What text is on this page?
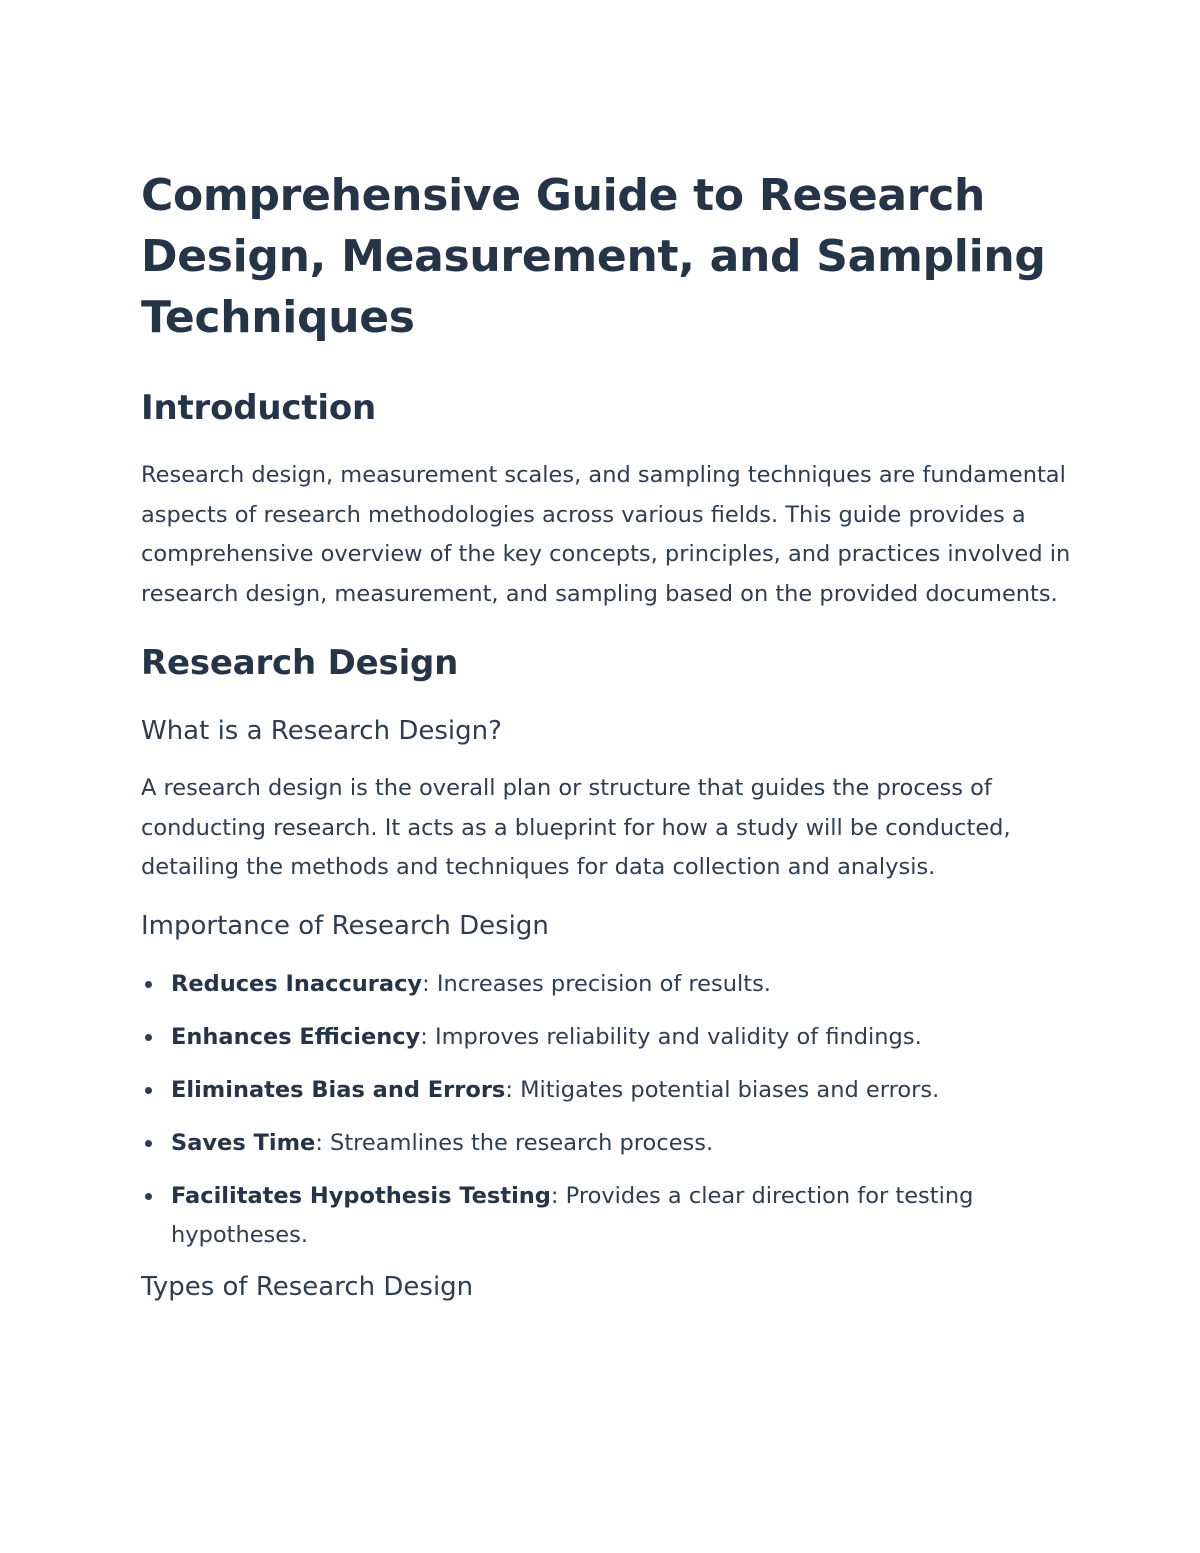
Comprehensive Guide to Research Design, Measurement, and Sampling Techniques
Introduction

Research design, measurement scales, and sampling techniques are fundamental aspects of research methodologies across various fields. This guide provides a comprehensive overview of the key concepts, principles, and practices involved in research design, measurement, and sampling based on the provided documents.

Research Design
What is a Research Design?

A research design is the overall plan or structure that guides the process of conducting research. It acts as a blueprint for how a study will be conducted, detailing the methods and techniques for data collection and analysis.

Importance of Research Design
Reduces Inaccuracy: Increases precision of results.
Enhances Efficiency: Improves reliability and validity of findings.
Eliminates Bias and Errors: Mitigates potential biases and errors.
Saves Time: Streamlines the research process.
Facilitates Hypothesis Testing: Provides a clear direction for testing hypotheses.
Types of Research Design
